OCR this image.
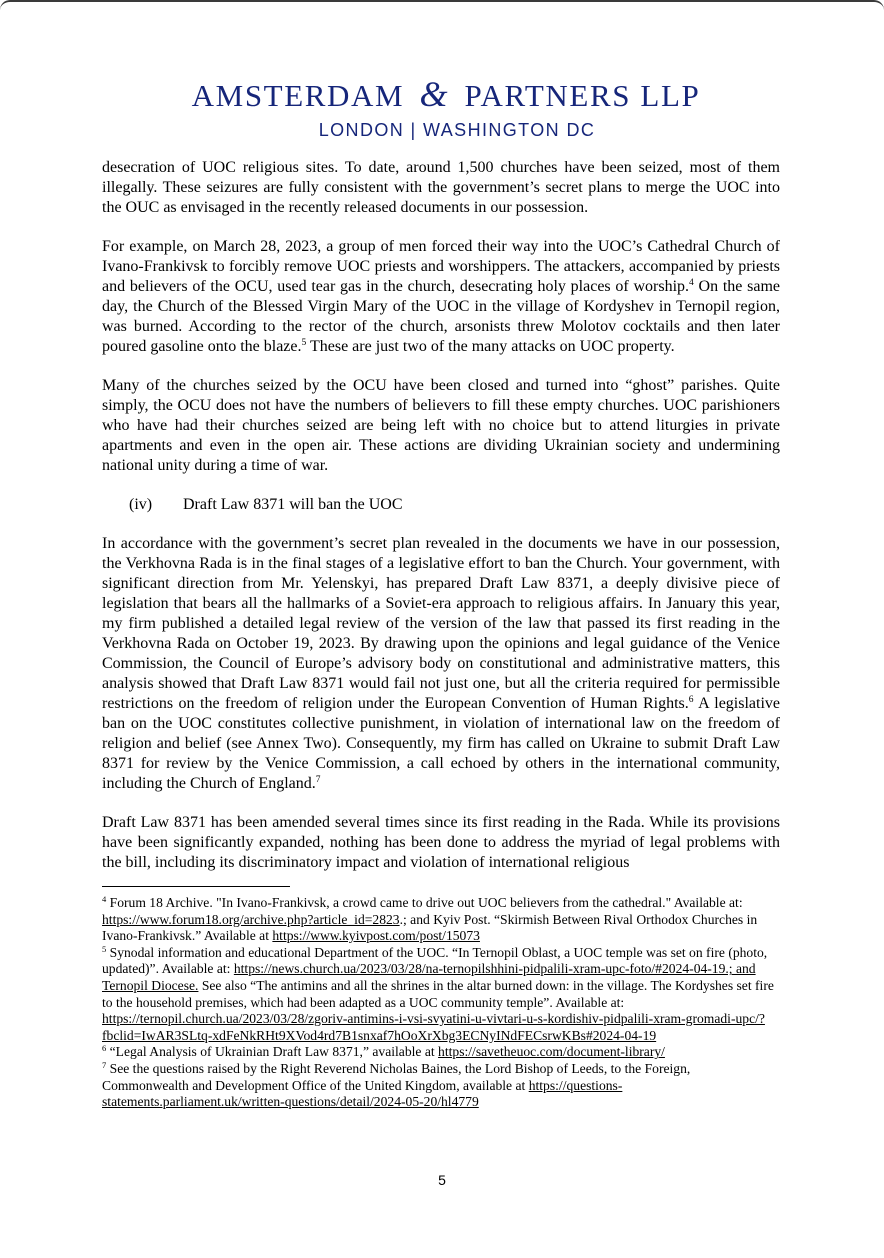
AMSTERDAM & PARTNERS LLP
LONDON | WASHINGTON DC

desecration of UOC religious sites. To date, around 1,500 churches have been seized, most of them illegally. These seizures are fully consistent with the government’s secret plans to merge the UOC into the OUC as envisaged in the recently released documents in our possession.

For example, on March 28, 2023, a group of men forced their way into the UOC’s Cathedral Church of Ivano-Frankivsk to forcibly remove UOC priests and worshippers. The attackers, accompanied by priests and believers of the OCU, used tear gas in the church, desecrating holy places of worship.$^4$ On the same day, the Church of the Blessed Virgin Mary of the UOC in the village of Kordyshev in Ternopil region, was burned. According to the rector of the church, arsonists threw Molotov cocktails and then later poured gasoline onto the blaze.$^5$ These are just two of the many attacks on UOC property.

Many of the churches seized by the OCU have been closed and turned into “ghost” parishes. Quite simply, the OCU does not have the numbers of believers to fill these empty churches. UOC parishioners who have had their churches seized are being left with no choice but to attend liturgies in private apartments and even in the open air. These actions are dividing Ukrainian society and undermining national unity during a time of war.

(iv) Draft Law 8371 will ban the UOC

In accordance with the government’s secret plan revealed in the documents we have in our possession, the Verkhovna Rada is in the final stages of a legislative effort to ban the Church. Your government, with significant direction from Mr. Yelenskyi, has prepared Draft Law 8371, a deeply divisive piece of legislation that bears all the hallmarks of a Soviet-era approach to religious affairs. In January this year, my firm published a detailed legal review of the version of the law that passed its first reading in the Verkhovna Rada on October 19, 2023. By drawing upon the opinions and legal guidance of the Venice Commission, the Council of Europe’s advisory body on constitutional and administrative matters, this analysis showed that Draft Law 8371 would fail not just one, but all the criteria required for permissible restrictions on the freedom of religion under the European Convention of Human Rights.$^6$ A legislative ban on the UOC constitutes collective punishment, in violation of international law on the freedom of religion and belief (see Annex Two). Consequently, my firm has called on Ukraine to submit Draft Law 8371 for review by the Venice Commission, a call echoed by others in the international community, including the Church of England.$^7$

Draft Law 8371 has been amended several times since its first reading in the Rada. While its provisions have been significantly expanded, nothing has been done to address the myriad of legal problems with the bill, including its discriminatory impact and violation of international religious

$^4$ Forum 18 Archive. "In Ivano-Frankivsk, a crowd came to drive out UOC believers from the cathedral." Available at: https://www.forum18.org/archive.php?article_id=2823.; and Kyiv Post. “Skirmish Between Rival Orthodox Churches in Ivano-Frankivsk.” Available at https://www.kyivpost.com/post/15073

$^5$ Synodal information and educational Department of the UOC. “In Ternopil Oblast, a UOC temple was set on fire (photo, updated)”. Available at: https://news.church.ua/2023/03/28/na-ternopilshhini-pidpalili-xram-upc-foto/#2024-04-19.; and Ternopil Diocese. See also “The antimins and all the shrines in the altar burned down: in the village. The Kordyshes set fire to the household premises, which had been adapted as a UOC community temple”. Available at: https://ternopil.church.ua/2023/03/28/zgoriv-antimins-i-vsi-svyatini-u-vivtari-u-s-kordishiv-pidpalili-xram-gromadi-upc/?fbclid=IwAR3SLtq-xdFeNkRHt9XVod4rd7B1snxaf7hOoXrXbg3ECNyINdFECsrwKBs#2024-04-19

$^6$ “Legal Analysis of Ukrainian Draft Law 8371,” available at https://savetheuoc.com/document-library/

$^7$ See the questions raised by the Right Reverend Nicholas Baines, the Lord Bishop of Leeds, to the Foreign, Commonwealth and Development Office of the United Kingdom, available at https://questions-statements.parliament.uk/written-questions/detail/2024-05-20/hl4779

5
